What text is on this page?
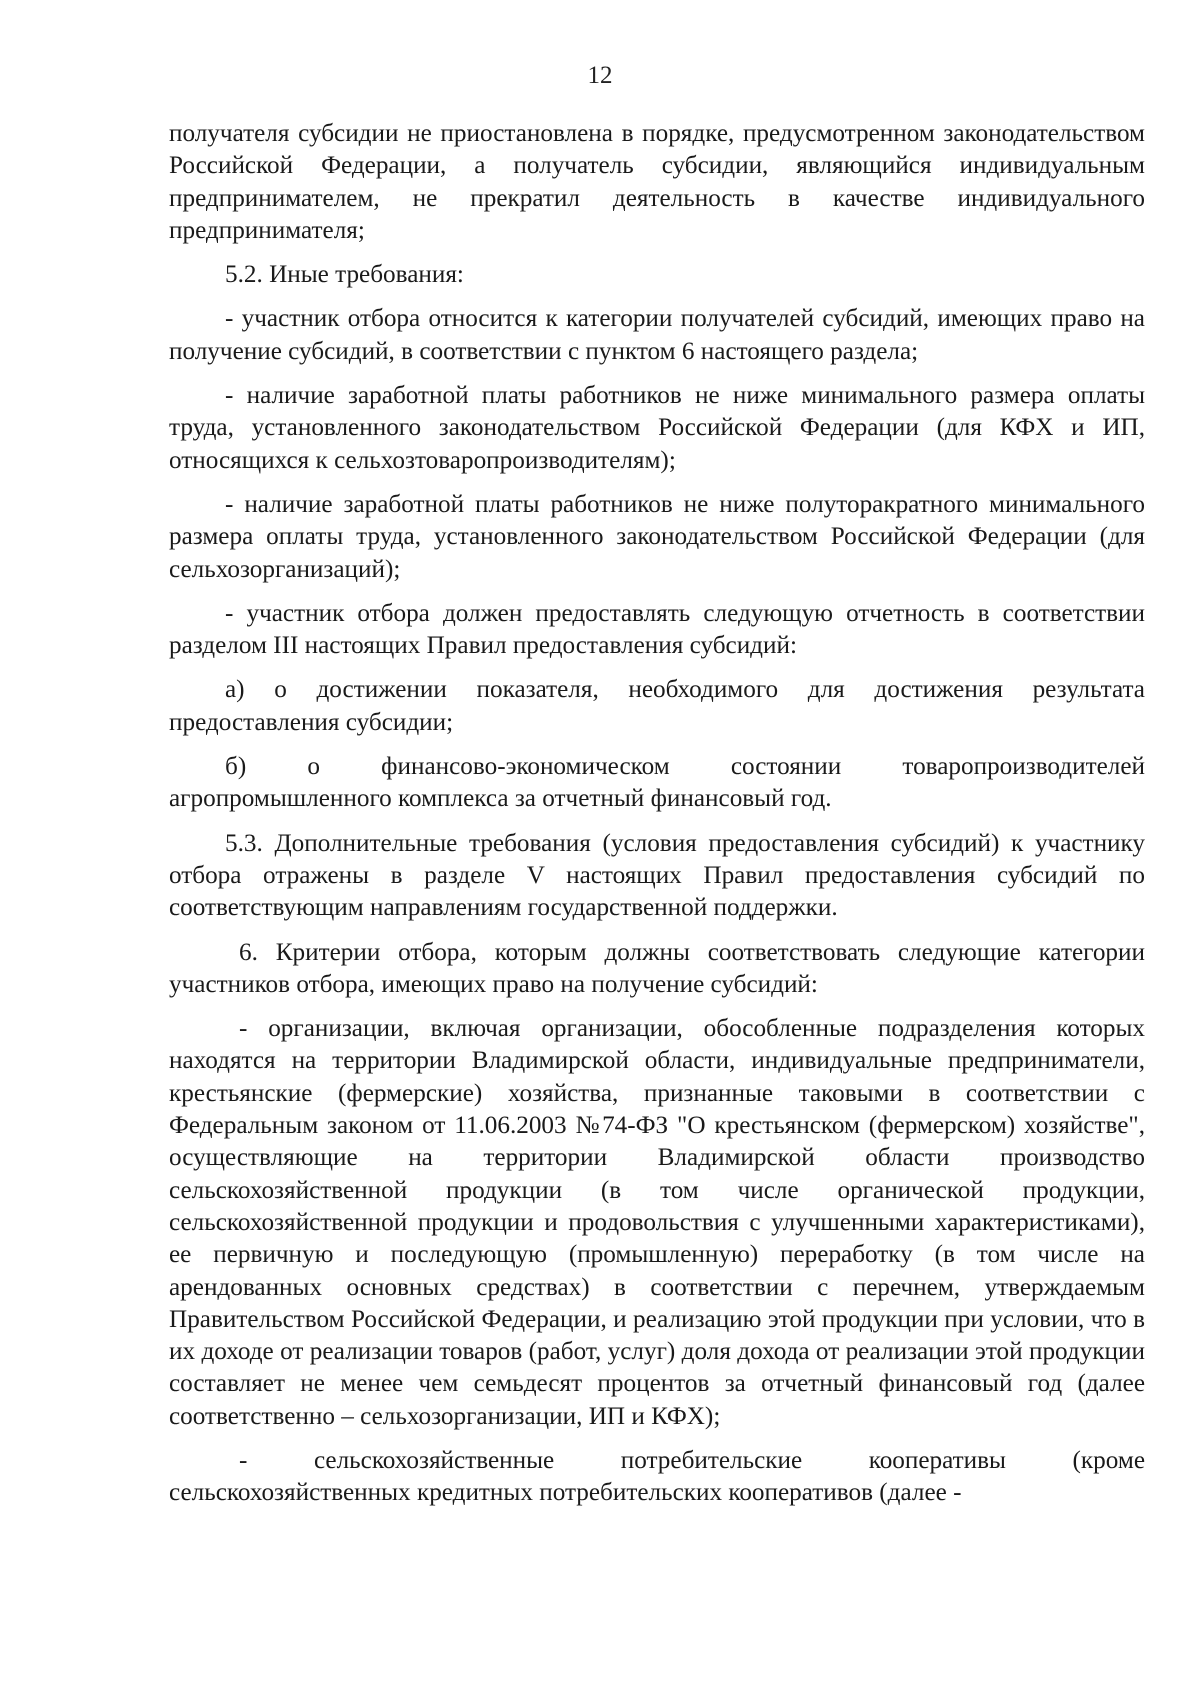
12

получателя субсидии не приостановлена в порядке, предусмотренном законодательством Российской Федерации, а получатель субсидии, являющийся индивидуальным предпринимателем, не прекратил деятельность в качестве индивидуального предпринимателя;

5.2. Иные требования:

- участник отбора относится к категории получателей субсидий, имеющих право на получение субсидий, в соответствии с пунктом 6 настоящего раздела;

- наличие заработной платы работников не ниже минимального размера оплаты труда, установленного законодательством Российской Федерации (для КФХ и ИП, относящихся к сельхозтоваропроизводителям);

- наличие заработной платы работников не ниже полуторакратного минимального размера оплаты труда, установленного законодательством Российской Федерации (для сельхозорганизаций);

- участник отбора должен предоставлять следующую отчетность в соответствии разделом III настоящих Правил предоставления субсидий:

а) о достижении показателя, необходимого для достижения результата предоставления субсидии;

б) о финансово-экономическом состоянии товаропроизводителей агропромышленного комплекса за отчетный финансовый год.

5.3. Дополнительные требования (условия предоставления субсидий) к участнику отбора отражены в разделе V настоящих Правил предоставления субсидий по соответствующим направлениям государственной поддержки.

6. Критерии отбора, которым должны соответствовать следующие категории участников отбора, имеющих право на получение субсидий:

- организации, включая организации, обособленные подразделения которых находятся на территории Владимирской области, индивидуальные предприниматели, крестьянские (фермерские) хозяйства, признанные таковыми в соответствии с Федеральным законом от 11.06.2003 №74-ФЗ "О крестьянском (фермерском) хозяйстве", осуществляющие на территории Владимирской области производство сельскохозяйственной продукции (в том числе органической продукции, сельскохозяйственной продукции и продовольствия с улучшенными характеристиками), ее первичную и последующую (промышленную) переработку (в том числе на арендованных основных средствах) в соответствии с перечнем, утверждаемым Правительством Российской Федерации, и реализацию этой продукции при условии, что в их доходе от реализации товаров (работ, услуг) доля дохода от реализации этой продукции составляет не менее чем семьдесят процентов за отчетный финансовый год (далее соответственно – сельхозорганизации, ИП и КФХ);

- сельскохозяйственные потребительские кооперативы (кроме сельскохозяйственных кредитных потребительских кооперативов (далее -
